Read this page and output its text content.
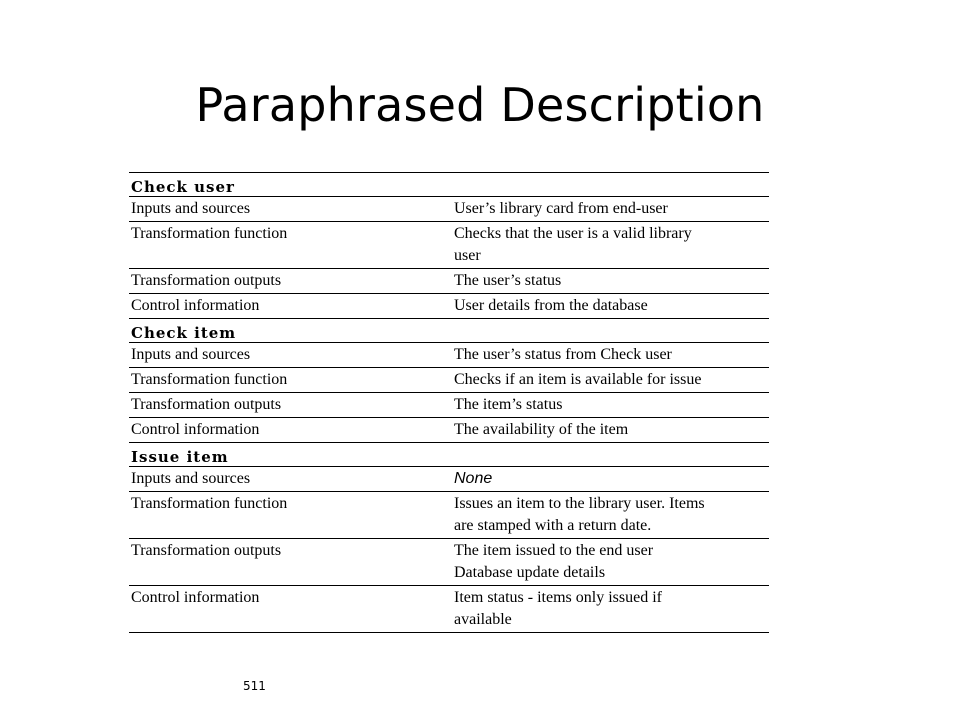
Paraphrased Description
Check user
Inputs and sources	User’s library card from end-user
Transformation function	Checks that the user is a valid library
user
Transformation outputs	The user’s status
Control information	User details from the database
Check item
Inputs and sources	The user’s status from Check user
Transformation function	Checks if an item is available for issue
Transformation outputs	The item’s status
Control information	The availability of the item
Issue item
Inputs and sources	None
Transformation function	Issues an item to the library user. Items
are stamped with a return date.
Transformation outputs	The item issued to the end user
Database update details
Control information	Item status - items only issued if
available
511
